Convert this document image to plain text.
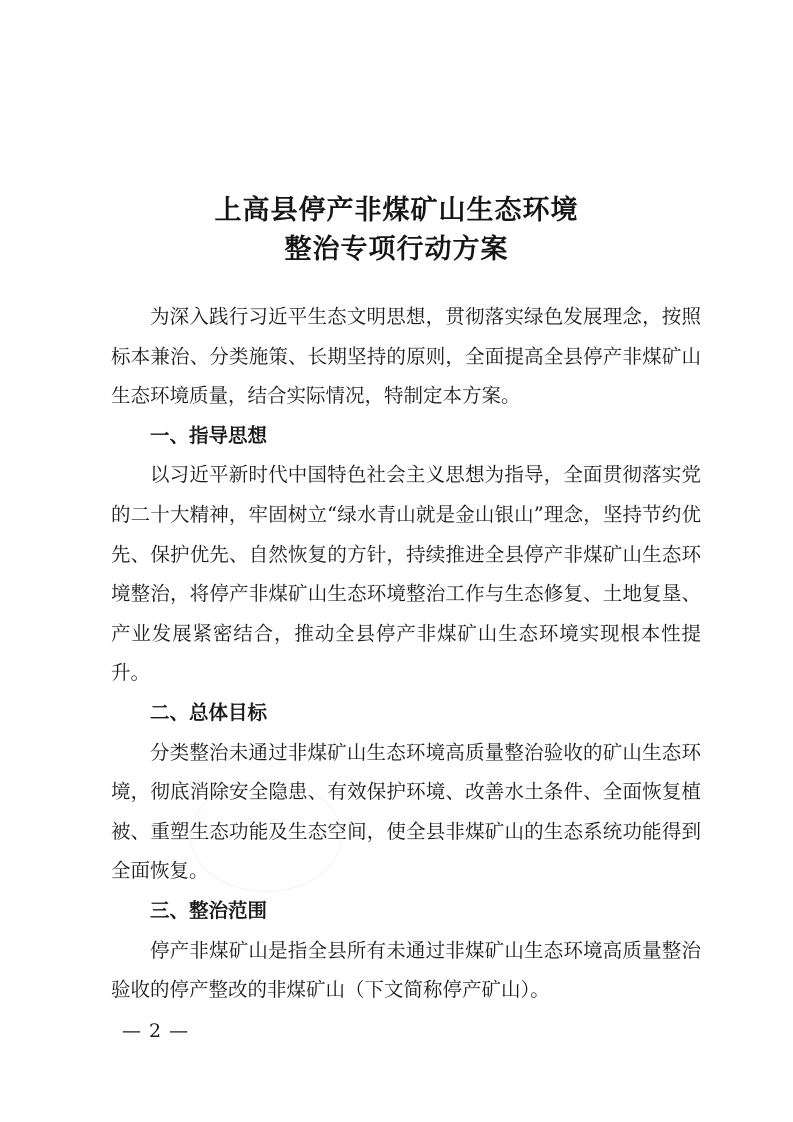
上高县停产非煤矿山生态环境
整治专项行动方案

为深入践行习近平生态文明思想，贯彻落实绿色发展理念，按照标本兼治、分类施策、长期坚持的原则，全面提高全县停产非煤矿山生态环境质量，结合实际情况，特制定本方案。

一、指导思想

以习近平新时代中国特色社会主义思想为指导，全面贯彻落实党的二十大精神，牢固树立“绿水青山就是金山银山”理念，坚持节约优先、保护优先、自然恢复的方针，持续推进全县停产非煤矿山生态环境整治，将停产非煤矿山生态环境整治工作与生态修复、土地复垦、产业发展紧密结合，推动全县停产非煤矿山生态环境实现根本性提升。

二、总体目标

分类整治未通过非煤矿山生态环境高质量整治验收的矿山生态环境，彻底消除安全隐患、有效保护环境、改善水土条件、全面恢复植被、重塑生态功能及生态空间，使全县非煤矿山的生态系统功能得到全面恢复。

三、整治范围

停产非煤矿山是指全县所有未通过非煤矿山生态环境高质量整治验收的停产整改的非煤矿山（下文简称停产矿山）。

— 2 —
